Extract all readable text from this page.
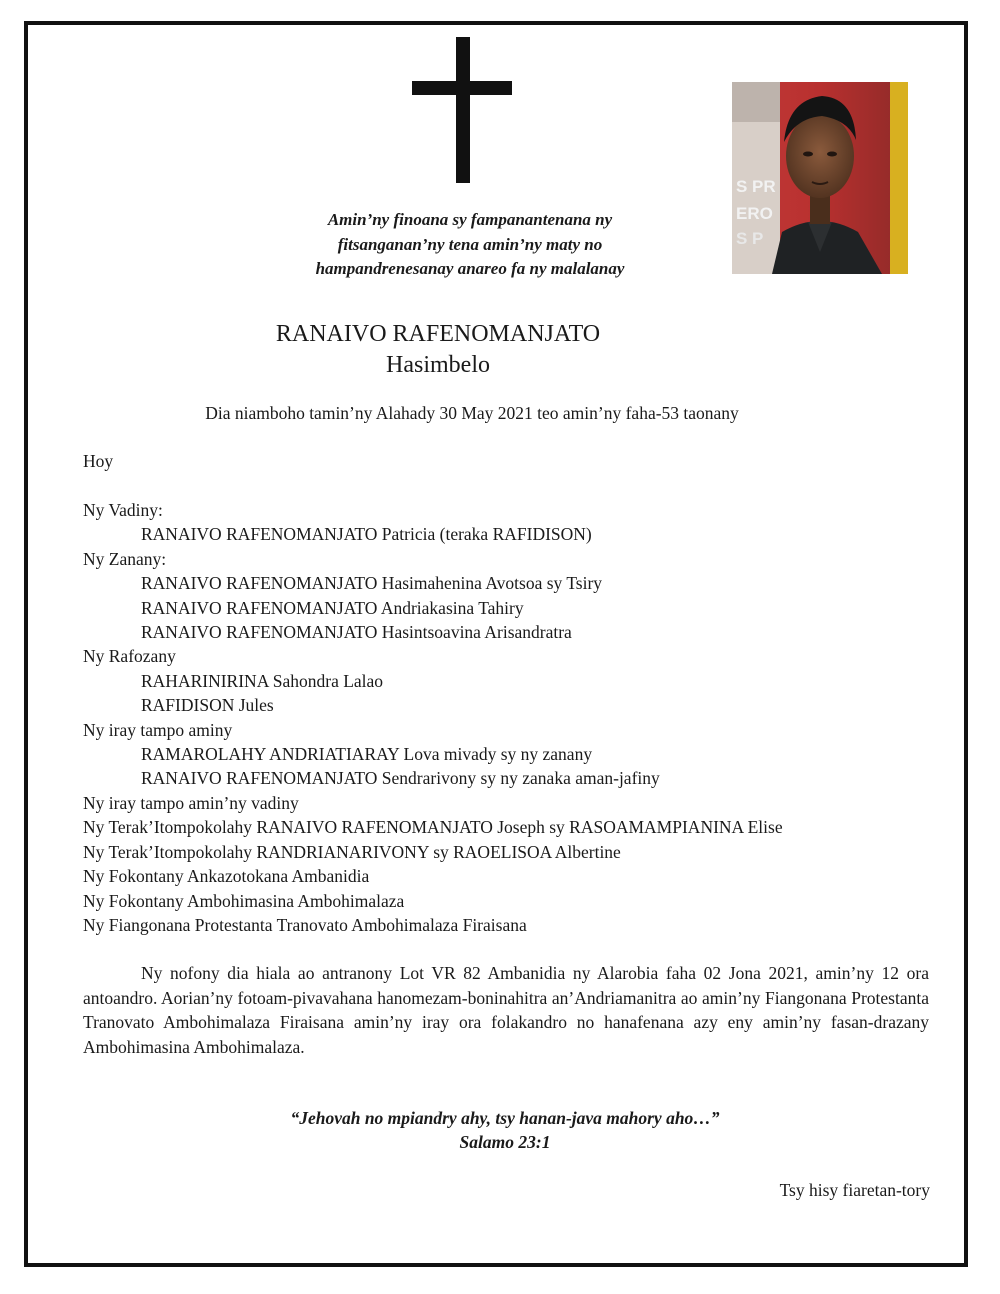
S PR
ERO
S P
Amin’ny finoana sy fampanantenana ny
fitsanganan’ny tena amin’ny maty no
hampandrenesanay anareo fa ny malalanay
RANAIVO RAFENOMANJATO
Hasimbelo
Dia niamboho tamin’ny Alahady 30 May 2021 teo amin’ny faha-53 taonany
Hoy
Ny Vadiny:
RANAIVO RAFENOMANJATO Patricia (teraka RAFIDISON)
Ny Zanany:
RANAIVO RAFENOMANJATO Hasimahenina Avotsoa sy Tsiry
RANAIVO RAFENOMANJATO Andriakasina Tahiry
RANAIVO RAFENOMANJATO Hasintsoavina Arisandratra
Ny Rafozany
RAHARINIRINA Sahondra Lalao
RAFIDISON Jules
Ny iray tampo aminy
RAMAROLAHY ANDRIATIARAY Lova mivady sy ny zanany
RANAIVO RAFENOMANJATO Sendrarivony sy ny zanaka aman-jafiny
Ny iray tampo amin’ny vadiny
Ny Terak’Itompokolahy RANAIVO RAFENOMANJATO Joseph sy RASOAMAMPIANINA Elise
Ny Terak’Itompokolahy RANDRIANARIVONY sy RAOELISOA Albertine
Ny Fokontany Ankazotokana Ambanidia
Ny Fokontany Ambohimasina Ambohimalaza
Ny Fiangonana Protestanta Tranovato Ambohimalaza Firaisana
Ny nofony dia hiala ao antranony Lot VR 82 Ambanidia ny Alarobia faha 02 Jona 2021, amin’ny 12 ora antoandro. Aorian’ny fotoam-pivavahana hanomezam-boninahitra an’Andriamanitra ao amin’ny Fiangonana Protestanta Tranovato Ambohimalaza Firaisana amin’ny iray ora folakandro no hanafenana azy eny amin’ny fasan-drazany Ambohimasina Ambohimalaza.
“Jehovah no mpiandry ahy, tsy hanan-java mahory aho…”
Salamo 23:1
Tsy hisy fiaretan-tory
